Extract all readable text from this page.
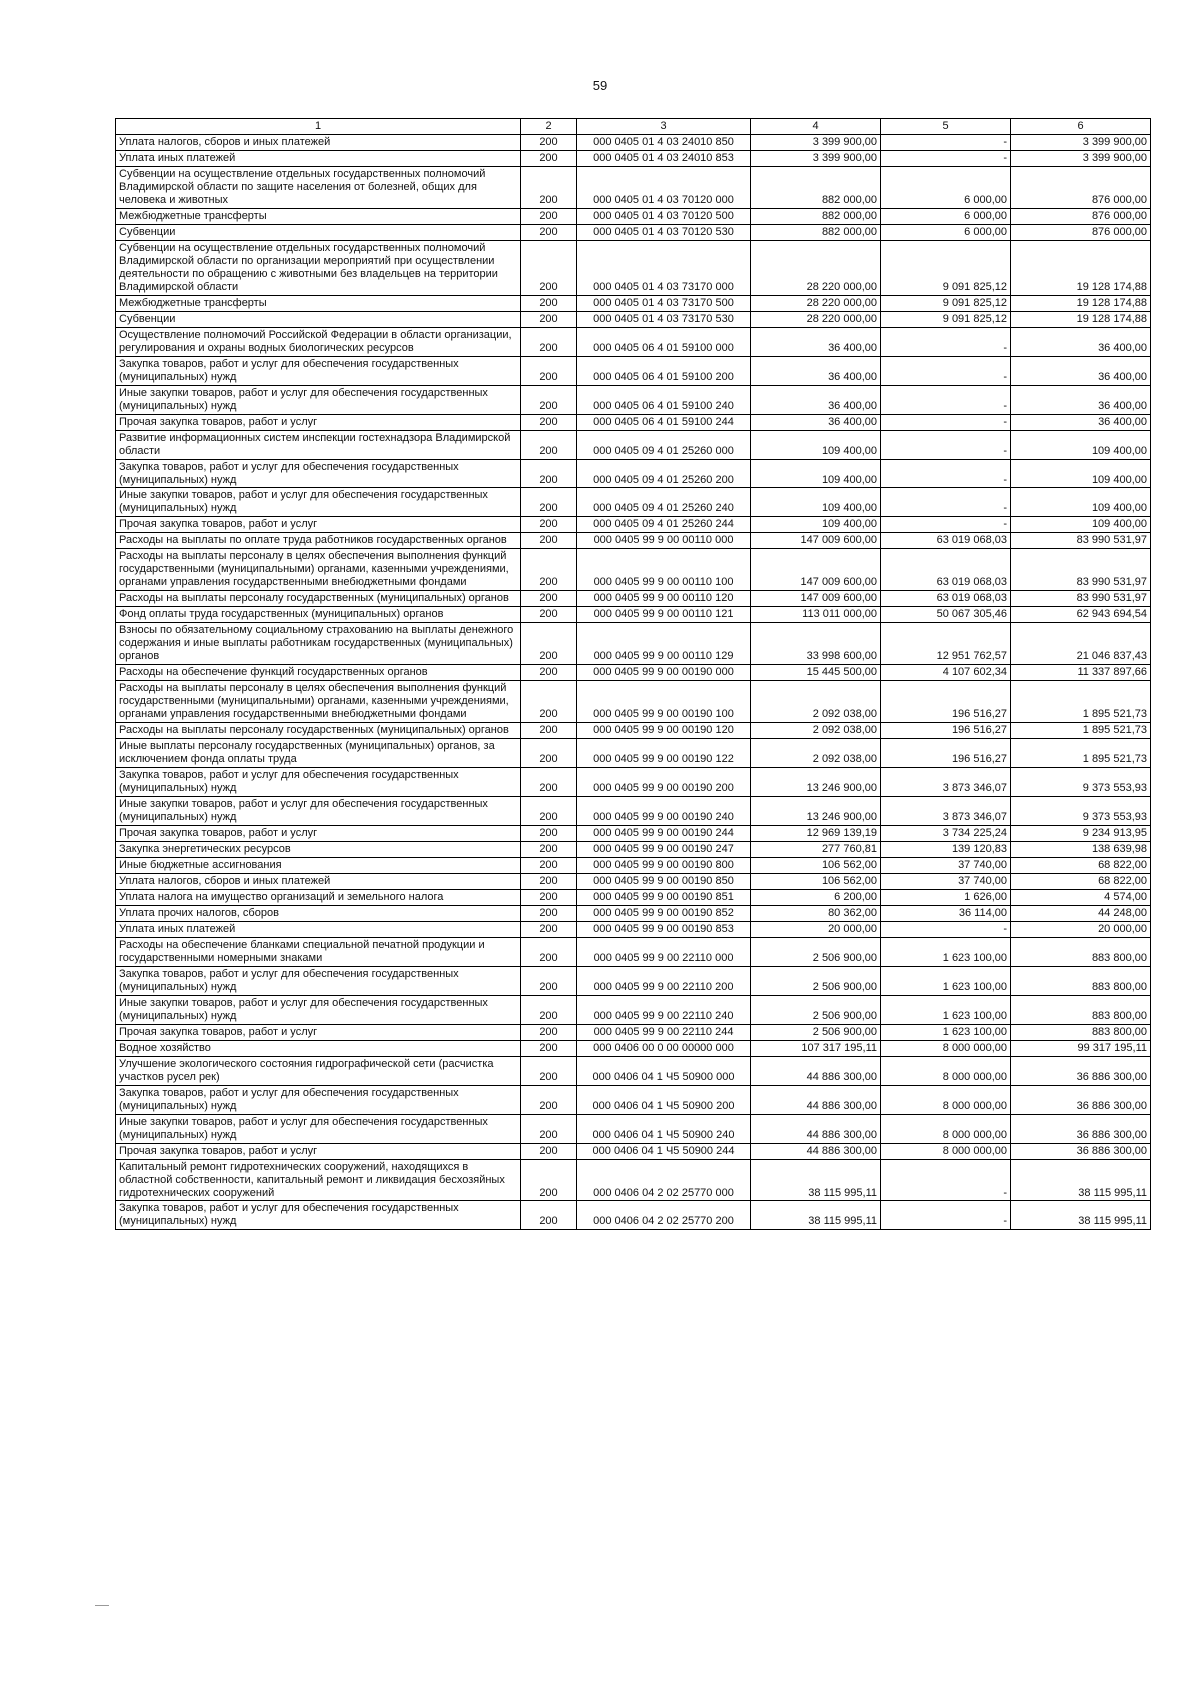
59
1	2	3	4	5	6
Уплата налогов, сборов и иных платежей	200	000 0405 01 4 03 24010 850	3 399 900,00	-	3 399 900,00
Уплата иных платежей	200	000 0405 01 4 03 24010 853	3 399 900,00	-	3 399 900,00
Субвенции на осуществление отдельных государственных полномочий Владимирской области по защите населения от болезней, общих для человека и животных	200	000 0405 01 4 03 70120 000	882 000,00	6 000,00	876 000,00
Межбюджетные трансферты	200	000 0405 01 4 03 70120 500	882 000,00	6 000,00	876 000,00
Субвенции	200	000 0405 01 4 03 70120 530	882 000,00	6 000,00	876 000,00
Субвенции на осуществление отдельных государственных полномочий Владимирской области по организации мероприятий при осуществлении деятельности по обращению с животными без владельцев на территории Владимирской области	200	000 0405 01 4 03 73170 000	28 220 000,00	9 091 825,12	19 128 174,88
Межбюджетные трансферты	200	000 0405 01 4 03 73170 500	28 220 000,00	9 091 825,12	19 128 174,88
Субвенции	200	000 0405 01 4 03 73170 530	28 220 000,00	9 091 825,12	19 128 174,88
Осуществление полномочий Российской Федерации в области организации, регулирования и охраны водных биологических ресурсов	200	000 0405 06 4 01 59100 000	36 400,00	-	36 400,00
Закупка товаров, работ и услуг для обеспечения государственных (муниципальных) нужд	200	000 0405 06 4 01 59100 200	36 400,00	-	36 400,00
Иные закупки товаров, работ и услуг для обеспечения государственных (муниципальных) нужд	200	000 0405 06 4 01 59100 240	36 400,00	-	36 400,00
Прочая закупка товаров, работ и услуг	200	000 0405 06 4 01 59100 244	36 400,00	-	36 400,00
Развитие информационных систем инспекции гостехнадзора Владимирской области	200	000 0405 09 4 01 25260 000	109 400,00	-	109 400,00
Закупка товаров, работ и услуг для обеспечения государственных (муниципальных) нужд	200	000 0405 09 4 01 25260 200	109 400,00	-	109 400,00
Иные закупки товаров, работ и услуг для обеспечения государственных (муниципальных) нужд	200	000 0405 09 4 01 25260 240	109 400,00	-	109 400,00
Прочая закупка товаров, работ и услуг	200	000 0405 09 4 01 25260 244	109 400,00	-	109 400,00
Расходы на выплаты по оплате труда работников государственных органов	200	000 0405 99 9 00 00110 000	147 009 600,00	63 019 068,03	83 990 531,97
Расходы на выплаты персоналу в целях обеспечения выполнения функций государственными (муниципальными) органами, казенными учреждениями, органами управления государственными внебюджетными фондами	200	000 0405 99 9 00 00110 100	147 009 600,00	63 019 068,03	83 990 531,97
Расходы на выплаты персоналу государственных (муниципальных) органов	200	000 0405 99 9 00 00110 120	147 009 600,00	63 019 068,03	83 990 531,97
Фонд оплаты труда государственных (муниципальных) органов	200	000 0405 99 9 00 00110 121	113 011 000,00	50 067 305,46	62 943 694,54
Взносы по обязательному социальному страхованию на выплаты денежного содержания и иные выплаты работникам государственных (муниципальных) органов	200	000 0405 99 9 00 00110 129	33 998 600,00	12 951 762,57	21 046 837,43
Расходы на обеспечение функций государственных органов	200	000 0405 99 9 00 00190 000	15 445 500,00	4 107 602,34	11 337 897,66
Расходы на выплаты персоналу в целях обеспечения выполнения функций государственными (муниципальными) органами, казенными учреждениями, органами управления государственными внебюджетными фондами	200	000 0405 99 9 00 00190 100	2 092 038,00	196 516,27	1 895 521,73
Расходы на выплаты персоналу государственных (муниципальных) органов	200	000 0405 99 9 00 00190 120	2 092 038,00	196 516,27	1 895 521,73
Иные выплаты персоналу государственных (муниципальных) органов, за исключением фонда оплаты труда	200	000 0405 99 9 00 00190 122	2 092 038,00	196 516,27	1 895 521,73
Закупка товаров, работ и услуг для обеспечения государственных (муниципальных) нужд	200	000 0405 99 9 00 00190 200	13 246 900,00	3 873 346,07	9 373 553,93
Иные закупки товаров, работ и услуг для обеспечения государственных (муниципальных) нужд	200	000 0405 99 9 00 00190 240	13 246 900,00	3 873 346,07	9 373 553,93
Прочая закупка товаров, работ и услуг	200	000 0405 99 9 00 00190 244	12 969 139,19	3 734 225,24	9 234 913,95
Закупка энергетических ресурсов	200	000 0405 99 9 00 00190 247	277 760,81	139 120,83	138 639,98
Иные бюджетные ассигнования	200	000 0405 99 9 00 00190 800	106 562,00	37 740,00	68 822,00
Уплата налогов, сборов и иных платежей	200	000 0405 99 9 00 00190 850	106 562,00	37 740,00	68 822,00
Уплата налога на имущество организаций и земельного налога	200	000 0405 99 9 00 00190 851	6 200,00	1 626,00	4 574,00
Уплата прочих налогов, сборов	200	000 0405 99 9 00 00190 852	80 362,00	36 114,00	44 248,00
Уплата иных платежей	200	000 0405 99 9 00 00190 853	20 000,00	-	20 000,00
Расходы на обеспечение бланками специальной печатной продукции и государственными номерными знаками	200	000 0405 99 9 00 22110 000	2 506 900,00	1 623 100,00	883 800,00
Закупка товаров, работ и услуг для обеспечения государственных (муниципальных) нужд	200	000 0405 99 9 00 22110 200	2 506 900,00	1 623 100,00	883 800,00
Иные закупки товаров, работ и услуг для обеспечения государственных (муниципальных) нужд	200	000 0405 99 9 00 22110 240	2 506 900,00	1 623 100,00	883 800,00
Прочая закупка товаров, работ и услуг	200	000 0405 99 9 00 22110 244	2 506 900,00	1 623 100,00	883 800,00
Водное хозяйство	200	000 0406 00 0 00 00000 000	107 317 195,11	8 000 000,00	99 317 195,11
Улучшение экологического состояния гидрографической сети (расчистка участков русел рек)	200	000 0406 04 1 Ч5 50900 000	44 886 300,00	8 000 000,00	36 886 300,00
Закупка товаров, работ и услуг для обеспечения государственных (муниципальных) нужд	200	000 0406 04 1 Ч5 50900 200	44 886 300,00	8 000 000,00	36 886 300,00
Иные закупки товаров, работ и услуг для обеспечения государственных (муниципальных) нужд	200	000 0406 04 1 Ч5 50900 240	44 886 300,00	8 000 000,00	36 886 300,00
Прочая закупка товаров, работ и услуг	200	000 0406 04 1 Ч5 50900 244	44 886 300,00	8 000 000,00	36 886 300,00
Капитальный ремонт гидротехнических сооружений, находящихся в областной собственности, капитальный ремонт и ликвидация бесхозяйных гидротехнических сооружений	200	000 0406 04 2 02 25770 000	38 115 995,11	-	38 115 995,11
Закупка товаров, работ и услуг для обеспечения государственных (муниципальных) нужд	200	000 0406 04 2 02 25770 200	38 115 995,11	-	38 115 995,11
